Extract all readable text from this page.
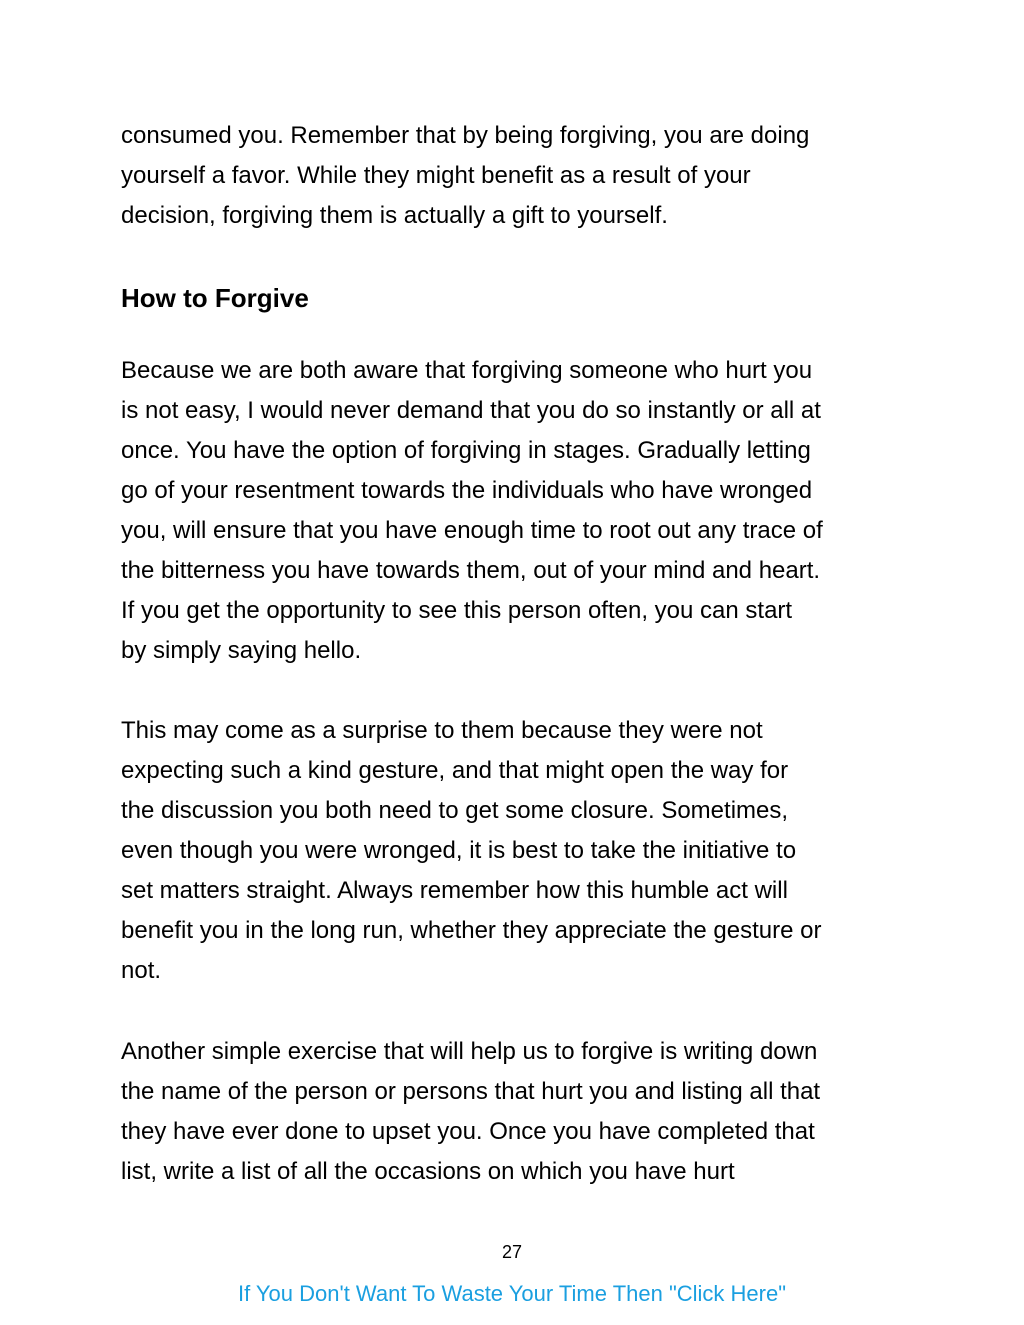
consumed you. Remember that by being forgiving, you are doing
yourself a favor. While they might benefit as a result of your
decision, forgiving them is actually a gift to yourself.
How to Forgive
Because we are both aware that forgiving someone who hurt you
is not easy, I would never demand that you do so instantly or all at
once. You have the option of forgiving in stages. Gradually letting
go of your resentment towards the individuals who have wronged
you, will ensure that you have enough time to root out any trace of
the bitterness you have towards them, out of your mind and heart.
If you get the opportunity to see this person often, you can start
by simply saying hello.
This may come as a surprise to them because they were not
expecting such a kind gesture, and that might open the way for
the discussion you both need to get some closure. Sometimes,
even though you were wronged, it is best to take the initiative to
set matters straight. Always remember how this humble act will
benefit you in the long run, whether they appreciate the gesture or
not.
Another simple exercise that will help us to forgive is writing down
the name of the person or persons that hurt you and listing all that
they have ever done to upset you. Once you have completed that
list, write a list of all the occasions on which you have hurt
27
If You Don't Want To Waste Your Time Then "Click Here"
